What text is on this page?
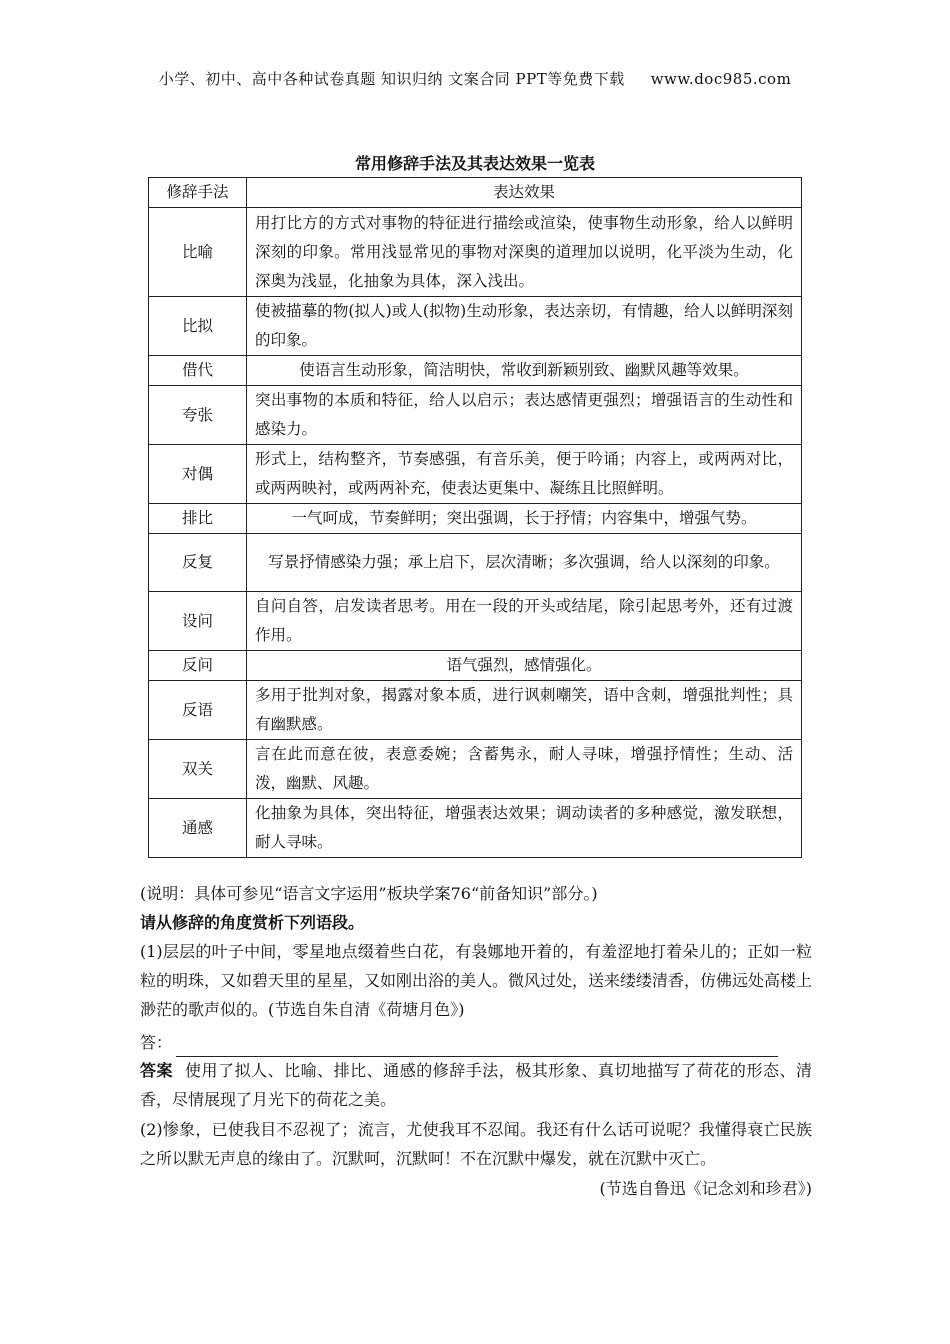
小学、初中、高中各种试卷真题 知识归纳 文案合同 PPT等免费下载 www.doc985.com
常用修辞手法及其表达效果一览表
修辞手法	表达效果
比喻	用打比方的方式对事物的特征进行描绘或渲染，使事物生动形象，给人以鲜明深刻的印象。常用浅显常见的事物对深奥的道理加以说明，化平淡为生动，化深奥为浅显，化抽象为具体，深入浅出。
比拟	使被描摹的物(拟人)或人(拟物)生动形象，表达亲切，有情趣，给人以鲜明深刻的印象。
借代	使语言生动形象，简洁明快，常收到新颖别致、幽默风趣等效果。
夸张	突出事物的本质和特征，给人以启示；表达感情更强烈；增强语言的生动性和感染力。
对偶	形式上，结构整齐，节奏感强，有音乐美，便于吟诵；内容上，或两两对比，或两两映衬，或两两补充，使表达更集中、凝练且比照鲜明。
排比	一气呵成，节奏鲜明；突出强调，长于抒情；内容集中，增强气势。
反复	写景抒情感染力强；承上启下，层次清晰；多次强调，给人以深刻的印象。
设问	自问自答，启发读者思考。用在一段的开头或结尾，除引起思考外，还有过渡作用。
反问	语气强烈，感情强化。
反语	多用于批判对象，揭露对象本质，进行讽刺嘲笑，语中含刺，增强批判性；具有幽默感。
双关	言在此而意在彼，表意委婉；含蓄隽永，耐人寻味，增强抒情性；生动、活泼，幽默、风趣。
通感	化抽象为具体，突出特征，增强表达效果；调动读者的多种感觉，激发联想，耐人寻味。
(说明：具体可参见“语言文字运用”板块学案76“前备知识”部分。)
请从修辞的角度赏析下列语段。
(1)层层的叶子中间，零星地点缀着些白花，有袅娜地开着的，有羞涩地打着朵儿的；正如一粒粒的明珠，又如碧天里的星星，又如刚出浴的美人。微风过处，送来缕缕清香，仿佛远处高楼上渺茫的歌声似的。(节选自朱自清《荷塘月色》)
答：
答案 使用了拟人、比喻、排比、通感的修辞手法，极其形象、真切地描写了荷花的形态、清香，尽情展现了月光下的荷花之美。
(2)惨象，已使我目不忍视了；流言，尤使我耳不忍闻。我还有什么话可说呢？我懂得衰亡民族之所以默无声息的缘由了。沉默呵，沉默呵！不在沉默中爆发，就在沉默中灭亡。
(节选自鲁迅《记念刘和珍君》)
